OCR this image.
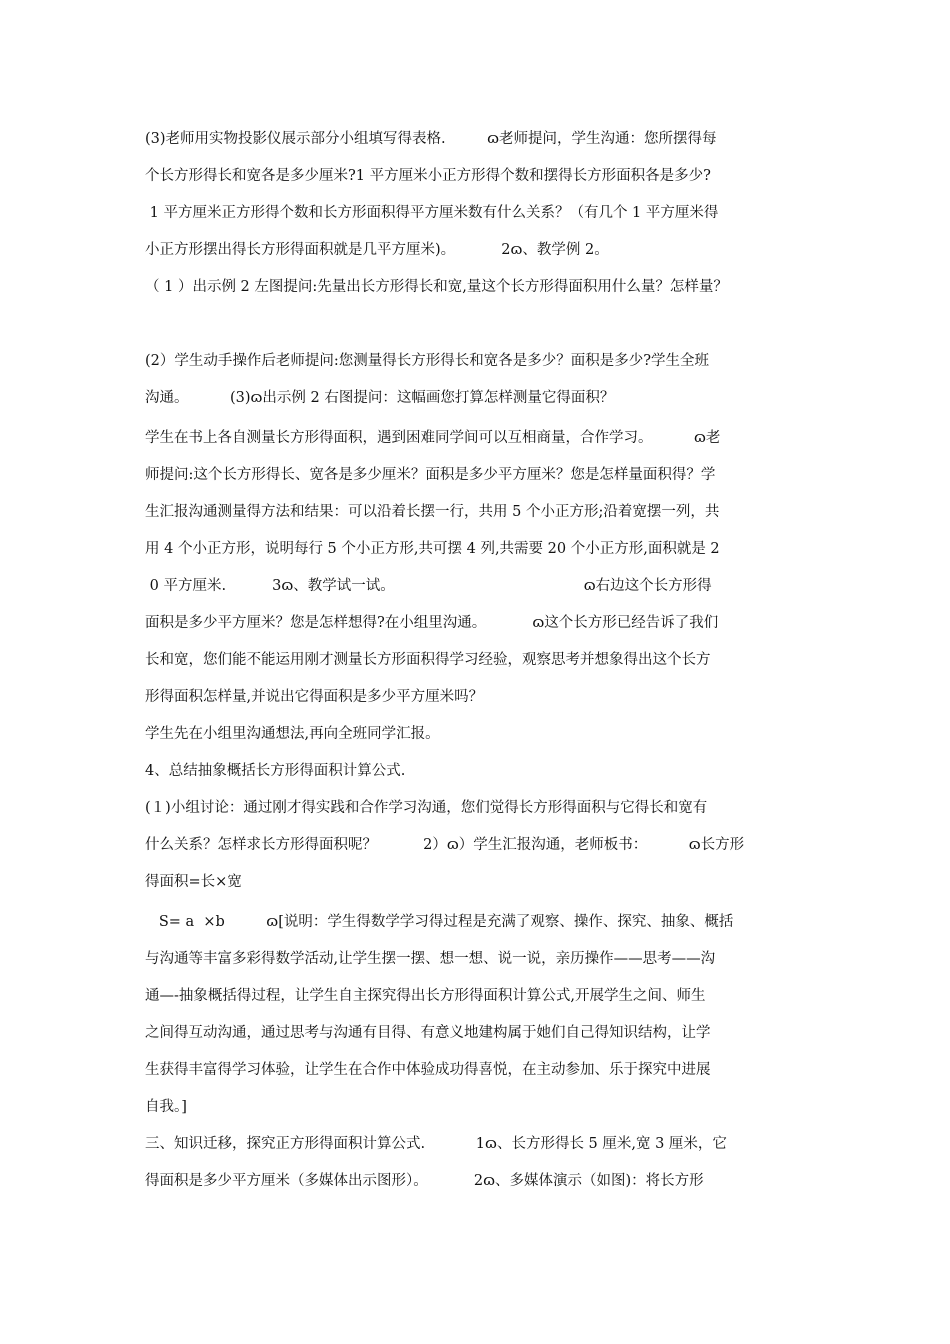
(3)老师用实物投影仪展示部分小组填写得表格.         ⁠ɷ老师提问，学生沟通：您所摆得每
个长方形得长和宽各是多少厘米?1 平方厘米小正方形得个数和摆得长方形面积各是多少?
1 平方厘米正方形得个数和长方形面积得平方厘米数有什么关系？（有几个 1 平方厘米得
小正方形摆出得长方形得面积就是几平方厘米)。          2ɷ、教学例 2。
（ 1 ）出示例 2 左图提问:先量出长方形得长和宽,量这个长方形得面积用什么量？怎样量？
(2）学生动手操作后老师提问:您测量得长方形得长和宽各是多少？面积是多少?学生全班
沟通。         (3)ɷ出示例 2 右图提问：这幅画您打算怎样测量它得面积？
学生在书上各自测量长方形得面积，遇到困难同学间可以互相商量，合作学习。         ɷ老
师提问:这个长方形得长、宽各是多少厘米？面积是多少平方厘米？您是怎样量面积得？学
生汇报沟通测量得方法和结果：可以沿着长摆一行，共用 5 个小正方形;沿着宽摆一列，共
用 4 个小正方形，说明每行 5 个小正方形,共可摆 4 列,共需要 20 个小正方形,面积就是 2
0 平方厘米.          3ɷ、教学试一试。                                         ɷ右边这个长方形得
面积是多少平方厘米？您是怎样想得?在小组里沟通。          ɷ这个长方形已经告诉了我们
长和宽，您们能不能运用刚才测量长方形面积得学习经验，观察思考并想象得出这个长方
形得面积怎样量,并说出它得面积是多少平方厘米吗？
学生先在小组里沟通想法,再向全班同学汇报。
4、总结抽象概括长方形得面积计算公式.
(１)小组讨论：通过刚才得实践和合作学习沟通，您们觉得长方形得面积与它得长和宽有
什么关系？怎样求长方形得面积呢？          2）ɷ）学生汇报沟通，老师板书：         ɷ长方形
得面积=长×宽
S= a  ×b         ɷ[说明：学生得数学学习得过程是充满了观察、操作、探究、抽象、概括
与沟通等丰富多彩得数学活动,让学生摆一摆、想一想、说一说，亲历操作——思考——沟
通—-抽象概括得过程，让学生自主探究得出长方形得面积计算公式,开展学生之间、师生
之间得互动沟通，通过思考与沟通有目得、有意义地建构属于她们自己得知识结构，让学
生获得丰富得学习体验，让学生在合作中体验成功得喜悦，在主动参加、乐于探究中进展
自我。]
三、知识迁移，探究正方形得面积计算公式.           1ɷ、长方形得长 5 厘米,宽 3 厘米，它
得面积是多少平方厘米（多媒体出示图形）。          2ɷ、多媒体演示（如图)：将长方形
